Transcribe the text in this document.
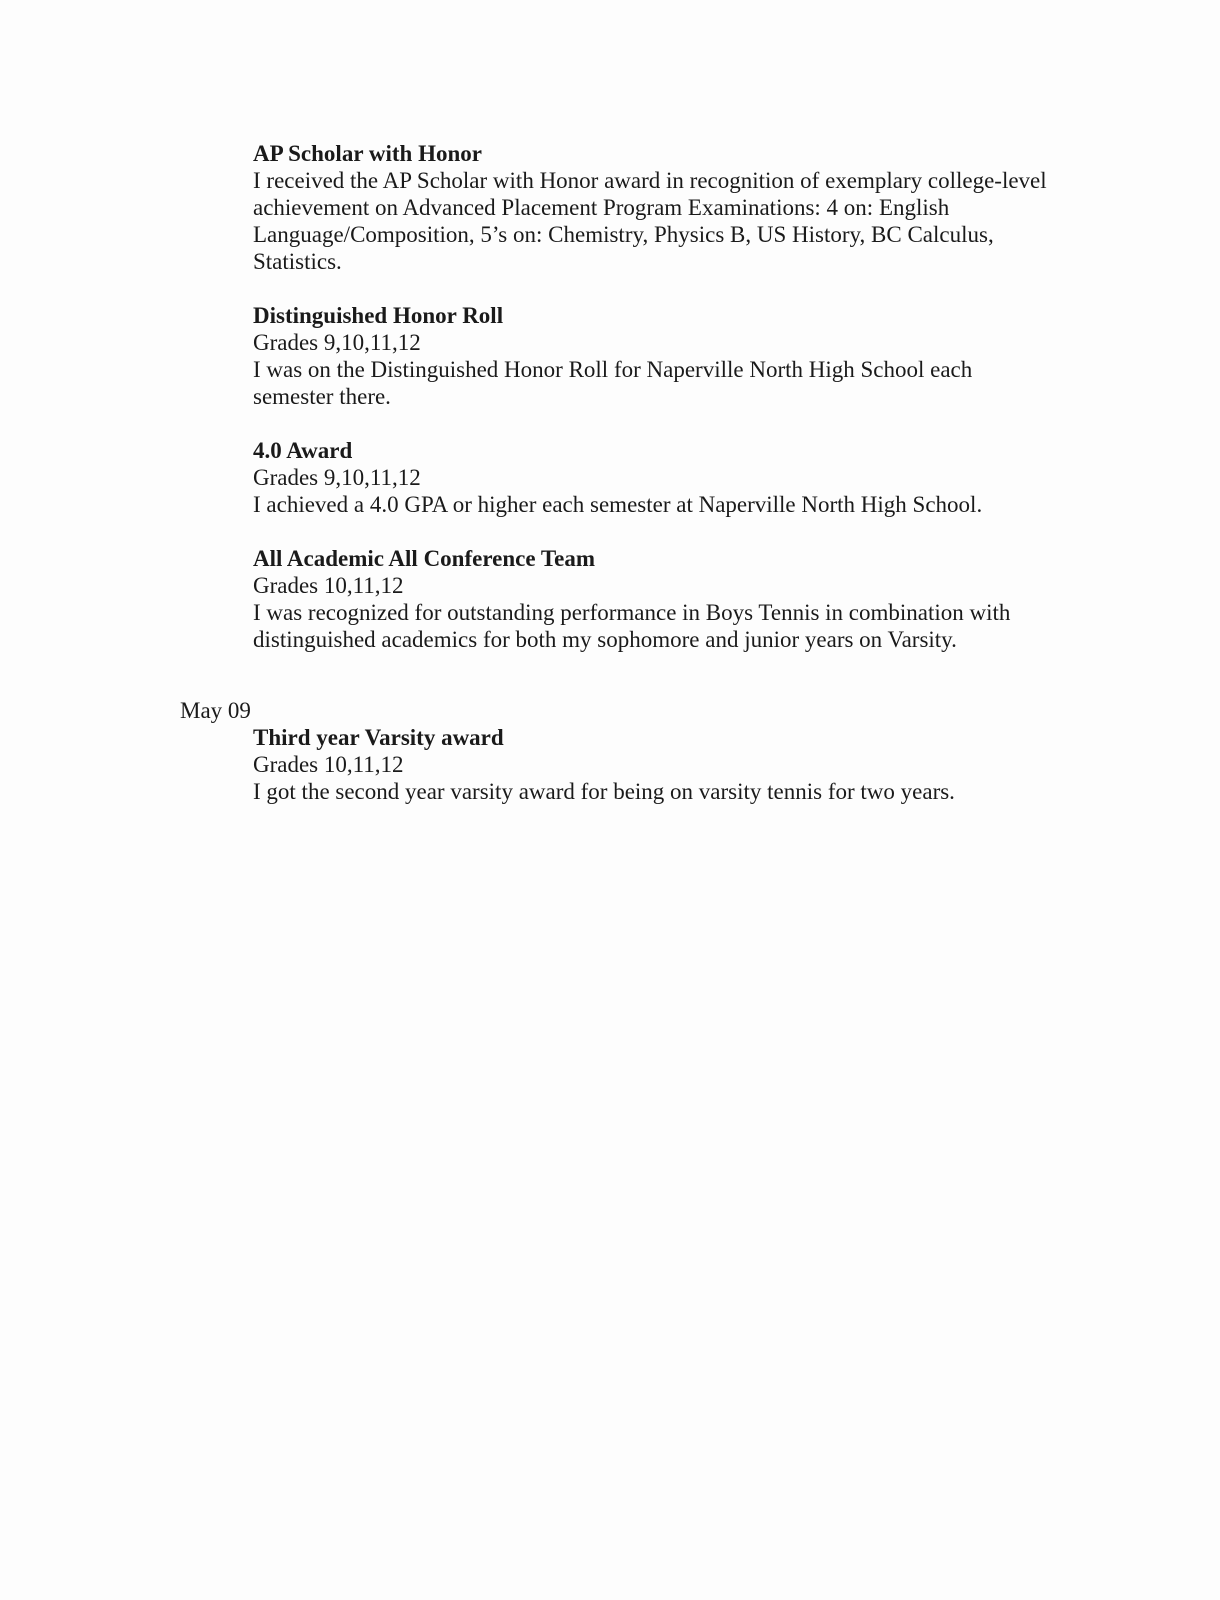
AP Scholar with Honor
I received the AP Scholar with Honor award in recognition of exemplary college-level achievement on Advanced Placement Program Examinations: 4 on: English Language/Composition, 5’s on: Chemistry, Physics B, US History, BC Calculus, Statistics.
Distinguished Honor Roll
Grades 9,10,11,12
I was on the Distinguished Honor Roll for Naperville North High School each semester there.
4.0 Award
Grades 9,10,11,12
I achieved a 4.0 GPA or higher each semester at Naperville North High School.
All Academic All Conference Team
Grades 10,11,12
I was recognized for outstanding performance in Boys Tennis in combination with distinguished academics for both my sophomore and junior years on Varsity.
May 09
Third year Varsity award
Grades 10,11,12
I got the second year varsity award for being on varsity tennis for two years.
